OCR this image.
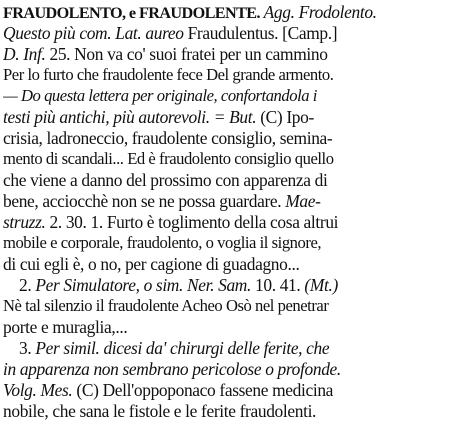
FRAUDOLENTO, e FRAUDOLENTE. Agg. Frodolento.
Questo più com. Lat. aureo Fraudulentus. [Camp.]
D. Inf. 25. Non va co' suoi fratei per un cammino
Per lo furto che fraudolente fece Del grande armento.
— Do questa lettera per originale, confortandola i
testi più antichi, più autorevoli. = But. (C) Ipo-
crisia, ladroneccio, fraudolente consiglio, semina-
mento di scandali... Ed è fraudolento consiglio quello
che viene a danno del prossimo con apparenza di
bene, acciocchè non se ne possa guardare. Mae-
struzz. 2. 30. 1. Furto è toglimento della cosa altrui
mobile e corporale, fraudolento, o voglia il signore,
di cui egli è, o no, per cagione di guadagno...
2. Per Simulatore, o sim. Ner. Sam. 10. 41. (Mt.)
Nè tal silenzio il fraudolente Acheo Osò nel penetrar
porte e muraglia,...
3. Per simil. dicesi da' chirurgi delle ferite, che
in apparenza non sembrano pericolose o profonde.
Volg. Mes. (C) Dell'oppoponaco fassene medicina
nobile, che sana le fistole e le ferite fraudolenti.
